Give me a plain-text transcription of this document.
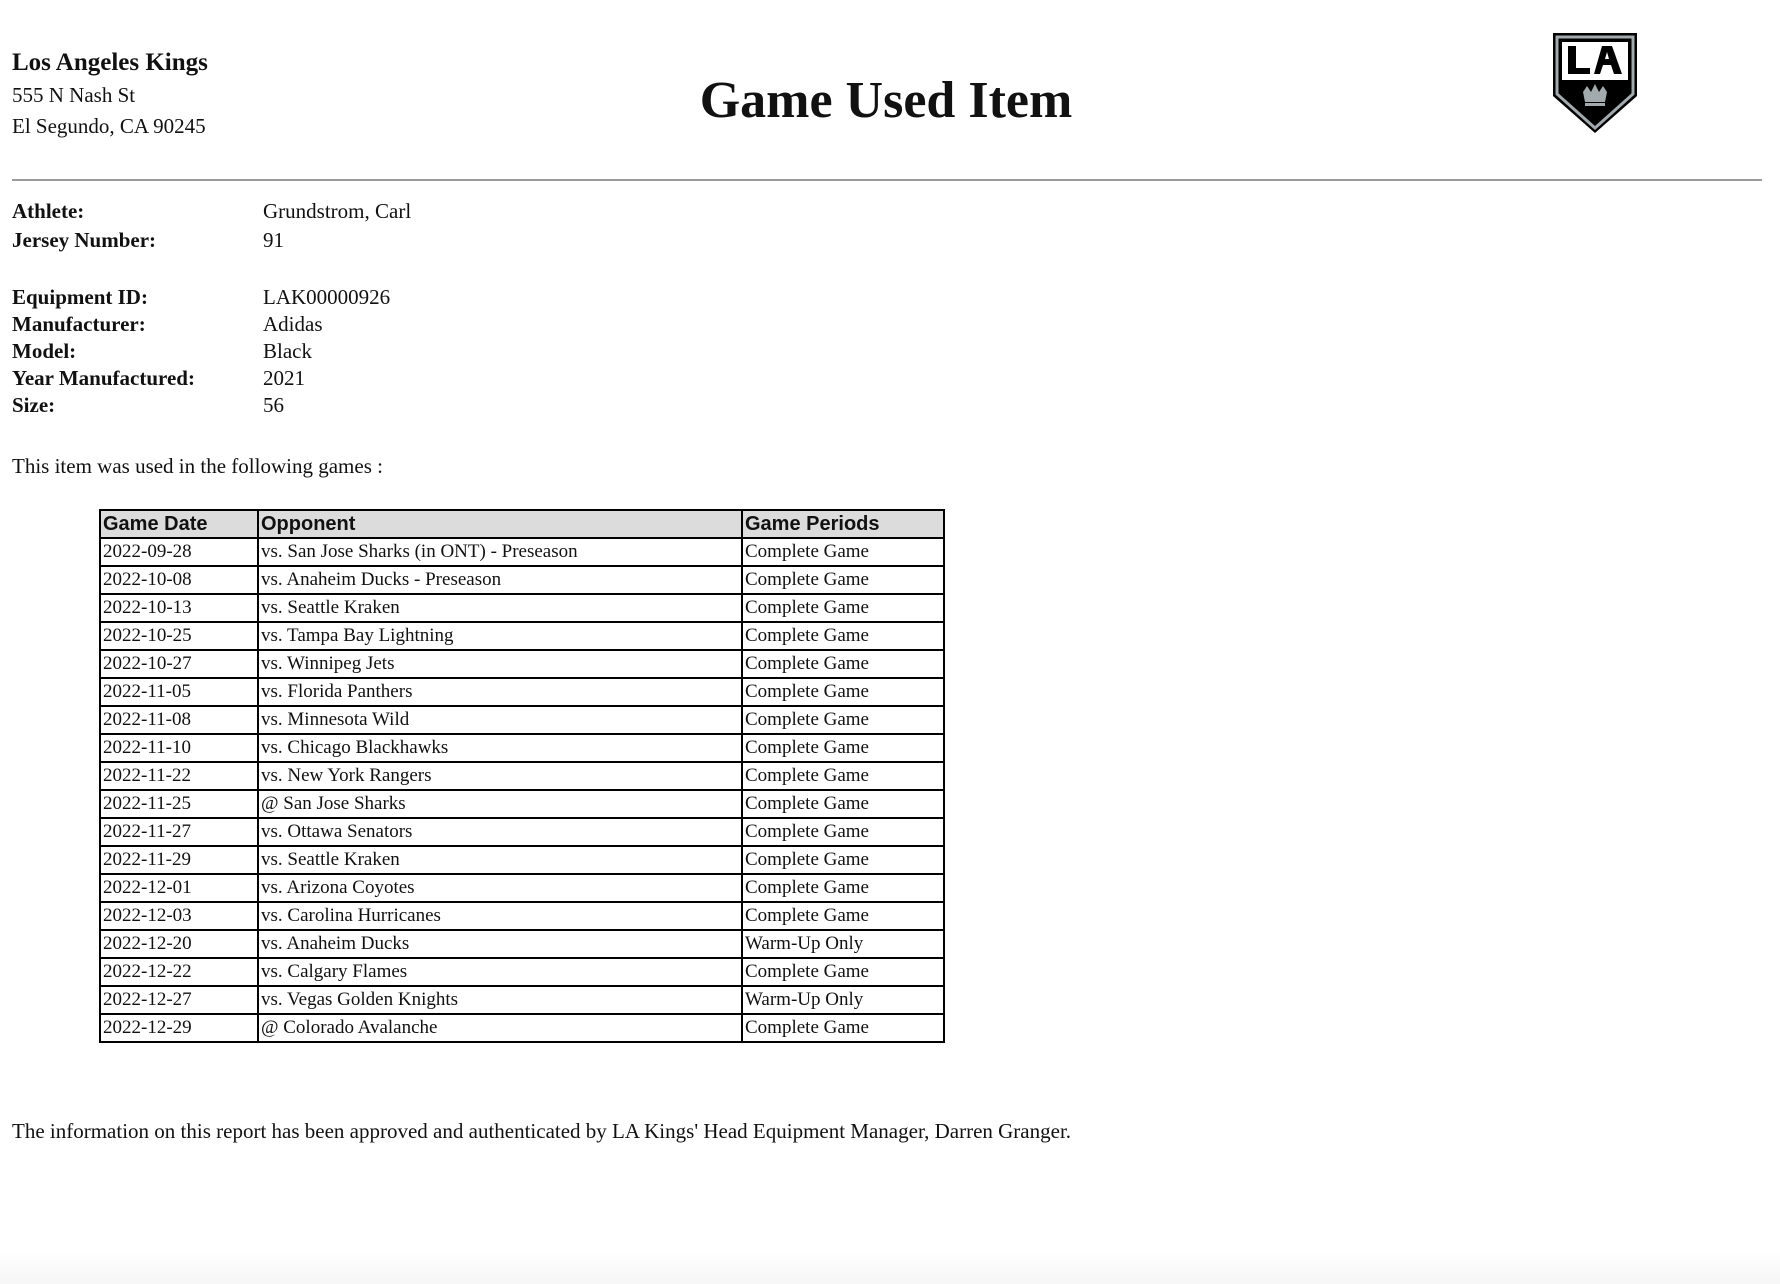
Los Angeles Kings
555 N Nash St
El Segundo, CA 90245	Game Used Item
Athlete:	Grundstrom, Carl
Jersey Number:	91
Equipment ID:	LAK00000926
Manufacturer:	Adidas
Model:	Black
Year Manufactured:	2021
Size:	56
This item was used in the following games :
Game Date	Opponent	Game Periods
2022-09-28	vs. San Jose Sharks (in ONT) - Preseason	Complete Game
2022-10-08	vs. Anaheim Ducks - Preseason	Complete Game
2022-10-13	vs. Seattle Kraken	Complete Game
2022-10-25	vs. Tampa Bay Lightning	Complete Game
2022-10-27	vs. Winnipeg Jets	Complete Game
2022-11-05	vs. Florida Panthers	Complete Game
2022-11-08	vs. Minnesota Wild	Complete Game
2022-11-10	vs. Chicago Blackhawks	Complete Game
2022-11-22	vs. New York Rangers	Complete Game
2022-11-25	@ San Jose Sharks	Complete Game
2022-11-27	vs. Ottawa Senators	Complete Game
2022-11-29	vs. Seattle Kraken	Complete Game
2022-12-01	vs. Arizona Coyotes	Complete Game
2022-12-03	vs. Carolina Hurricanes	Complete Game
2022-12-20	vs. Anaheim Ducks	Warm-Up Only
2022-12-22	vs. Calgary Flames	Complete Game
2022-12-27	vs. Vegas Golden Knights	Warm-Up Only
2022-12-29	@ Colorado Avalanche	Complete Game
The information on this report has been approved and authenticated by LA Kings' Head Equipment Manager, Darren Granger.
